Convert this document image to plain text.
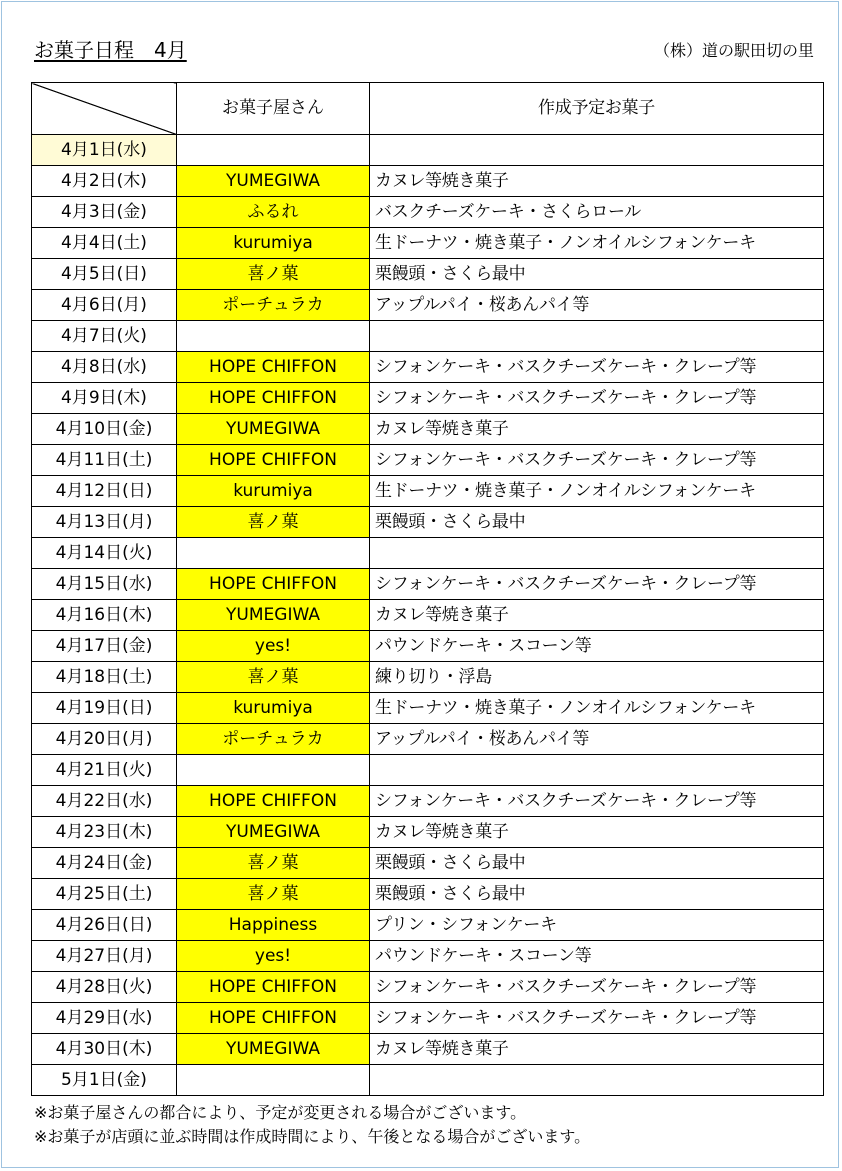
お菓子日程　4月	（株）道の駅田切の里
	お菓子屋さん	作成予定お菓子
4月1日(水)		
4月2日(木)	YUMEGIWA	カヌレ等焼き菓子
4月3日(金)	ふるれ	バスクチーズケーキ・さくらロール
4月4日(土)	kurumiya	生ドーナツ・焼き菓子・ノンオイルシフォンケーキ
4月5日(日)	喜ノ菓	栗饅頭・さくら最中
4月6日(月)	ポーチュラカ	アップルパイ・桜あんパイ等
4月7日(火)		
4月8日(水)	HOPE CHIFFON	シフォンケーキ・バスクチーズケーキ・クレープ等
4月9日(木)	HOPE CHIFFON	シフォンケーキ・バスクチーズケーキ・クレープ等
4月10日(金)	YUMEGIWA	カヌレ等焼き菓子
4月11日(土)	HOPE CHIFFON	シフォンケーキ・バスクチーズケーキ・クレープ等
4月12日(日)	kurumiya	生ドーナツ・焼き菓子・ノンオイルシフォンケーキ
4月13日(月)	喜ノ菓	栗饅頭・さくら最中
4月14日(火)		
4月15日(水)	HOPE CHIFFON	シフォンケーキ・バスクチーズケーキ・クレープ等
4月16日(木)	YUMEGIWA	カヌレ等焼き菓子
4月17日(金)	yes!	パウンドケーキ・スコーン等
4月18日(土)	喜ノ菓	練り切り・浮島
4月19日(日)	kurumiya	生ドーナツ・焼き菓子・ノンオイルシフォンケーキ
4月20日(月)	ポーチュラカ	アップルパイ・桜あんパイ等
4月21日(火)		
4月22日(水)	HOPE CHIFFON	シフォンケーキ・バスクチーズケーキ・クレープ等
4月23日(木)	YUMEGIWA	カヌレ等焼き菓子
4月24日(金)	喜ノ菓	栗饅頭・さくら最中
4月25日(土)	喜ノ菓	栗饅頭・さくら最中
4月26日(日)	Happiness	プリン・シフォンケーキ
4月27日(月)	yes!	パウンドケーキ・スコーン等
4月28日(火)	HOPE CHIFFON	シフォンケーキ・バスクチーズケーキ・クレープ等
4月29日(水)	HOPE CHIFFON	シフォンケーキ・バスクチーズケーキ・クレープ等
4月30日(木)	YUMEGIWA	カヌレ等焼き菓子
5月1日(金)		
※お菓子屋さんの都合により、予定が変更される場合がございます。
※お菓子が店頭に並ぶ時間は作成時間により、午後となる場合がございます。
